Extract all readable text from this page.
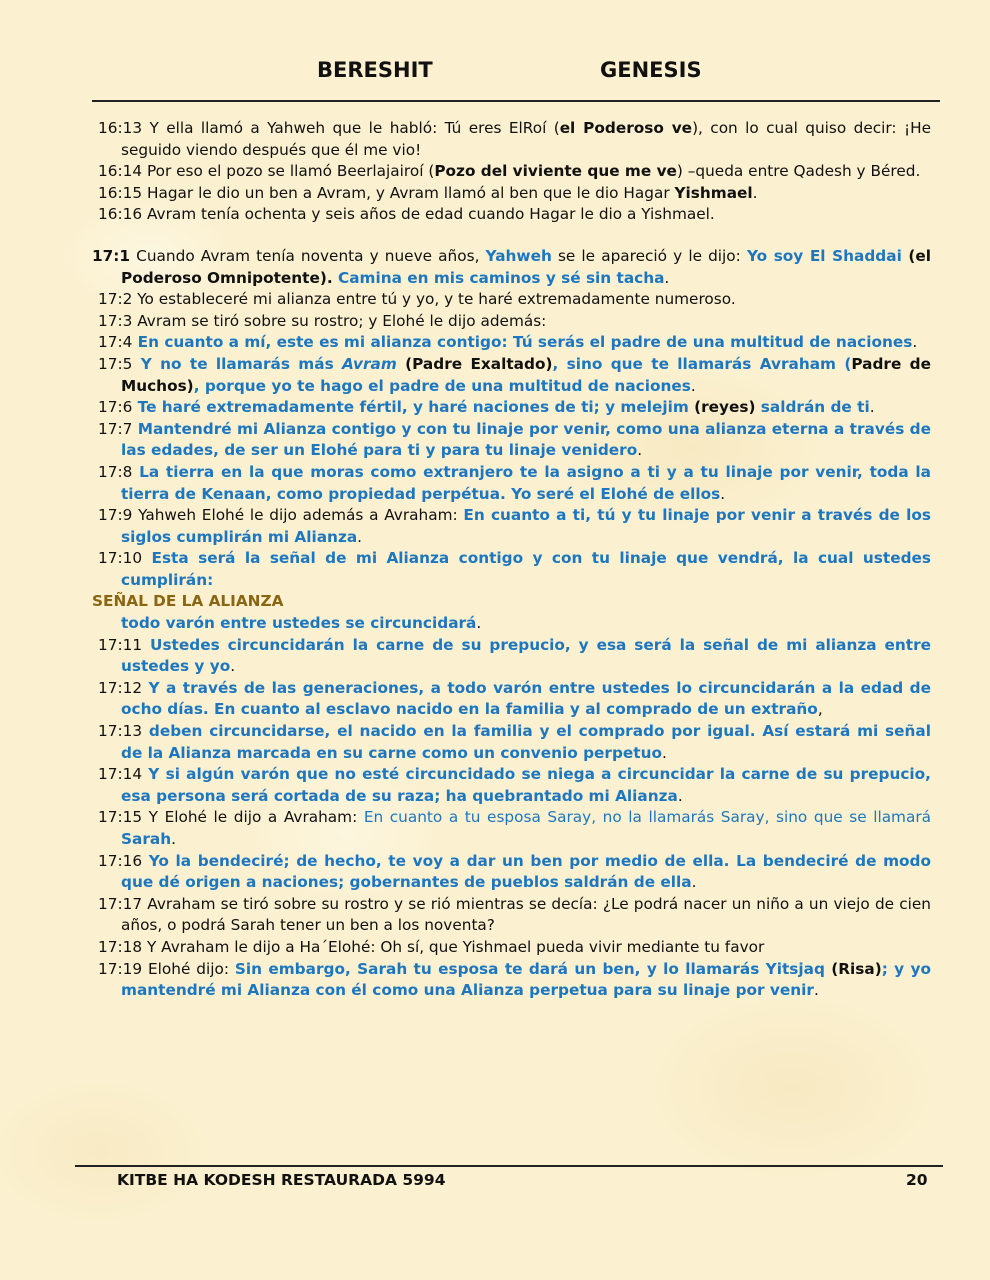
BERESHIT	GENESIS

16:13 Y ella llamó a Yahweh que le habló: Tú eres ElRoí (el Poderoso ve), con lo cual quiso decir: ¡He seguido viendo después que él me vio!

16:14 Por eso el pozo se llamó Beerlajairoí (Pozo del viviente que me ve) –queda entre Qadesh y Béred.

16:15 Hagar le dio un ben a Avram, y Avram llamó al ben que le dio Hagar Yishmael.

16:16 Avram tenía ochenta y seis años de edad cuando Hagar le dio a Yishmael.

17:1 Cuando Avram tenía noventa y nueve años, Yahweh se le apareció y le dijo: Yo soy El Shaddai (el Poderoso Omnipotente). Camina en mis caminos y sé sin tacha.

17:2 Yo estableceré mi alianza entre tú y yo, y te haré extremadamente numeroso.

17:3 Avram se tiró sobre su rostro; y Elohé le dijo además:

17:4 En cuanto a mí, este es mi alianza contigo: Tú serás el padre de una multitud de naciones.

17:5 Y no te llamarás más Avram (Padre Exaltado), sino que te llamarás Avraham (Padre de Muchos), porque yo te hago el padre de una multitud de naciones.

17:6 Te haré extremadamente fértil, y haré naciones de ti; y melejim (reyes) saldrán de ti.

17:7 Mantendré mi Alianza contigo y con tu linaje por venir, como una alianza eterna a través de las edades, de ser un Elohé para ti y para tu linaje venidero.

17:8 La tierra en la que moras como extranjero te la asigno a ti y a tu linaje por venir, toda la tierra de Kenaan, como propiedad perpétua. Yo seré el Elohé de ellos.

17:9 Yahweh Elohé le dijo además a Avraham: En cuanto a ti, tú y tu linaje por venir a través de los siglos cumplirán mi Alianza.

17:10 Esta será la señal de mi Alianza contigo y con tu linaje que vendrá, la cual ustedes cumplirán:

SEÑAL DE LA ALIANZA

todo varón entre ustedes se circuncidará.

17:11 Ustedes circuncidarán la carne de su prepucio, y esa será la señal de mi alianza entre ustedes y yo.

17:12 Y a través de las generaciones, a todo varón entre ustedes lo circuncidarán a la edad de ocho días. En cuanto al esclavo nacido en la familia y al comprado de un extraño,

17:13 deben circuncidarse, el nacido en la familia y el comprado por igual. Así estará mi señal de la Alianza marcada en su carne como un convenio perpetuo.

17:14 Y si algún varón que no esté circuncidado se niega a circuncidar la carne de su prepucio, esa persona será cortada de su raza; ha quebrantado mi Alianza.

17:15 Y Elohé le dijo a Avraham: En cuanto a tu esposa Saray, no la llamarás Saray, sino que se llamará Sarah.

17:16 Yo la bendeciré; de hecho, te voy a dar un ben por medio de ella. La bendeciré de modo que dé origen a naciones; gobernantes de pueblos saldrán de ella.

17:17 Avraham se tiró sobre su rostro y se rió mientras se decía: ¿Le podrá nacer un niño a un viejo de cien años, o podrá Sarah tener un ben a los noventa?

17:18 Y Avraham le dijo a Ha´Elohé: Oh sí, que Yishmael pueda vivir mediante tu favor

17:19 Elohé dijo: Sin embargo, Sarah tu esposa te dará un ben, y lo llamarás Yitsjaq (Risa); y yo mantendré mi Alianza con él como una Alianza perpetua para su linaje por venir.

KITBE HA KODESH RESTAURADA 5994	20
